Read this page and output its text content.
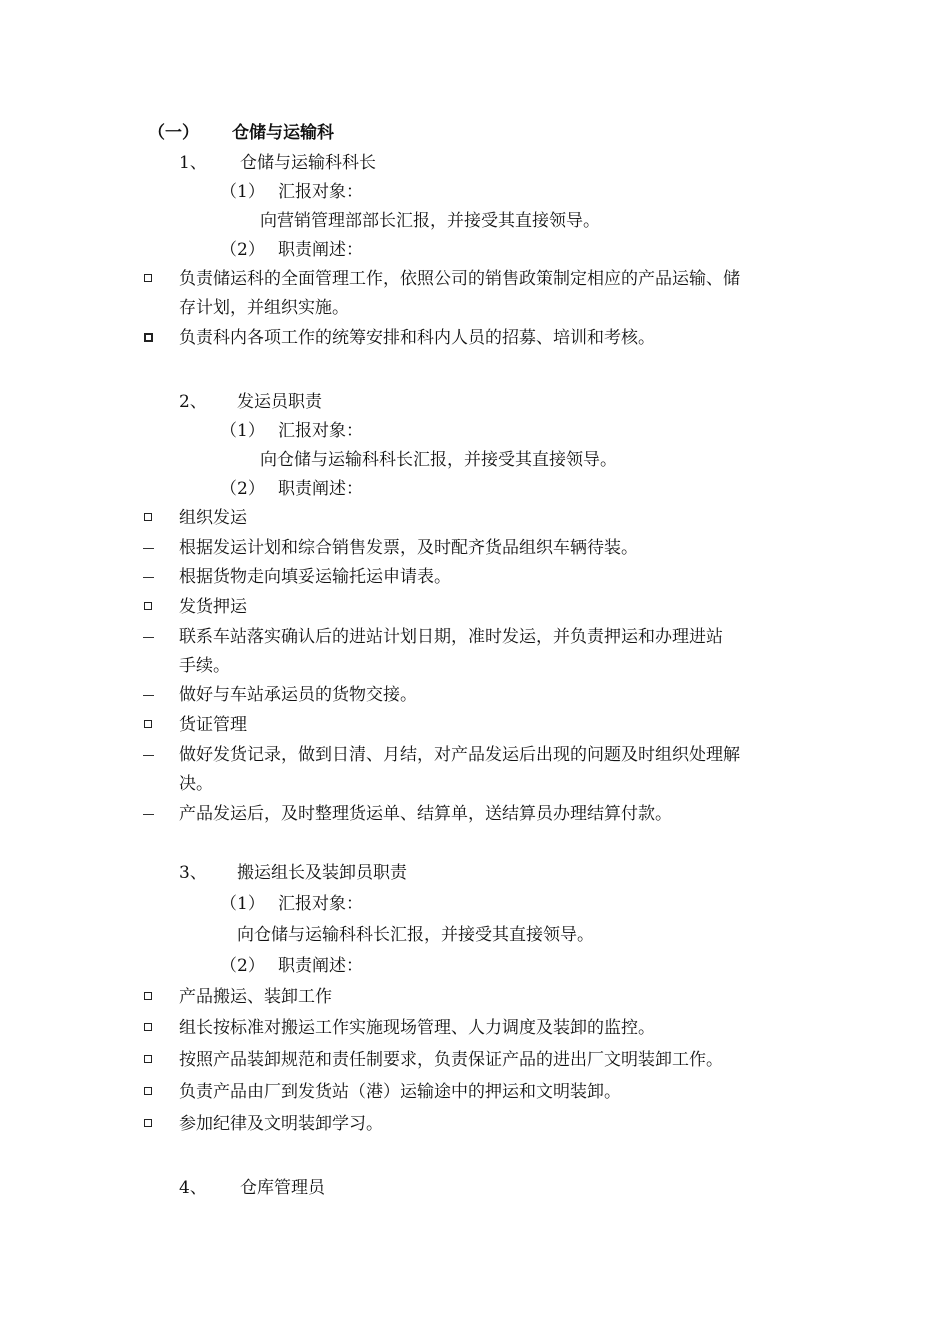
（一） 仓储与运输科
1、 仓储与运输科科长
（1） 汇报对象：
向营销管理部部长汇报，并接受其直接领导。
（2） 职责阐述：
负责储运科的全面管理工作，依照公司的销售政策制定相应的产品运输、储
存计划，并组织实施。
负责科内各项工作的统筹安排和科内人员的招募、培训和考核。
2、 发运员职责
（1） 汇报对象：
向仓储与运输科科长汇报，并接受其直接领导。
（2） 职责阐述：
组织发运
根据发运计划和综合销售发票，及时配齐货品组织车辆待装。
根据货物走向填妥运输托运申请表。
发货押运
联系车站落实确认后的进站计划日期，准时发运，并负责押运和办理进站
手续。
做好与车站承运员的货物交接。
货证管理
做好发货记录，做到日清、月结，对产品发运后出现的问题及时组织处理解
决。
产品发运后，及时整理货运单、结算单，送结算员办理结算付款。
3、 搬运组长及装卸员职责
（1） 汇报对象：
向仓储与运输科科长汇报，并接受其直接领导。
（2） 职责阐述：
产品搬运、装卸工作
组长按标准对搬运工作实施现场管理、人力调度及装卸的监控。
按照产品装卸规范和责任制要求，负责保证产品的进出厂文明装卸工作。
负责产品由厂到发货站（港）运输途中的押运和文明装卸。
参加纪律及文明装卸学习。
4、 仓库管理员
